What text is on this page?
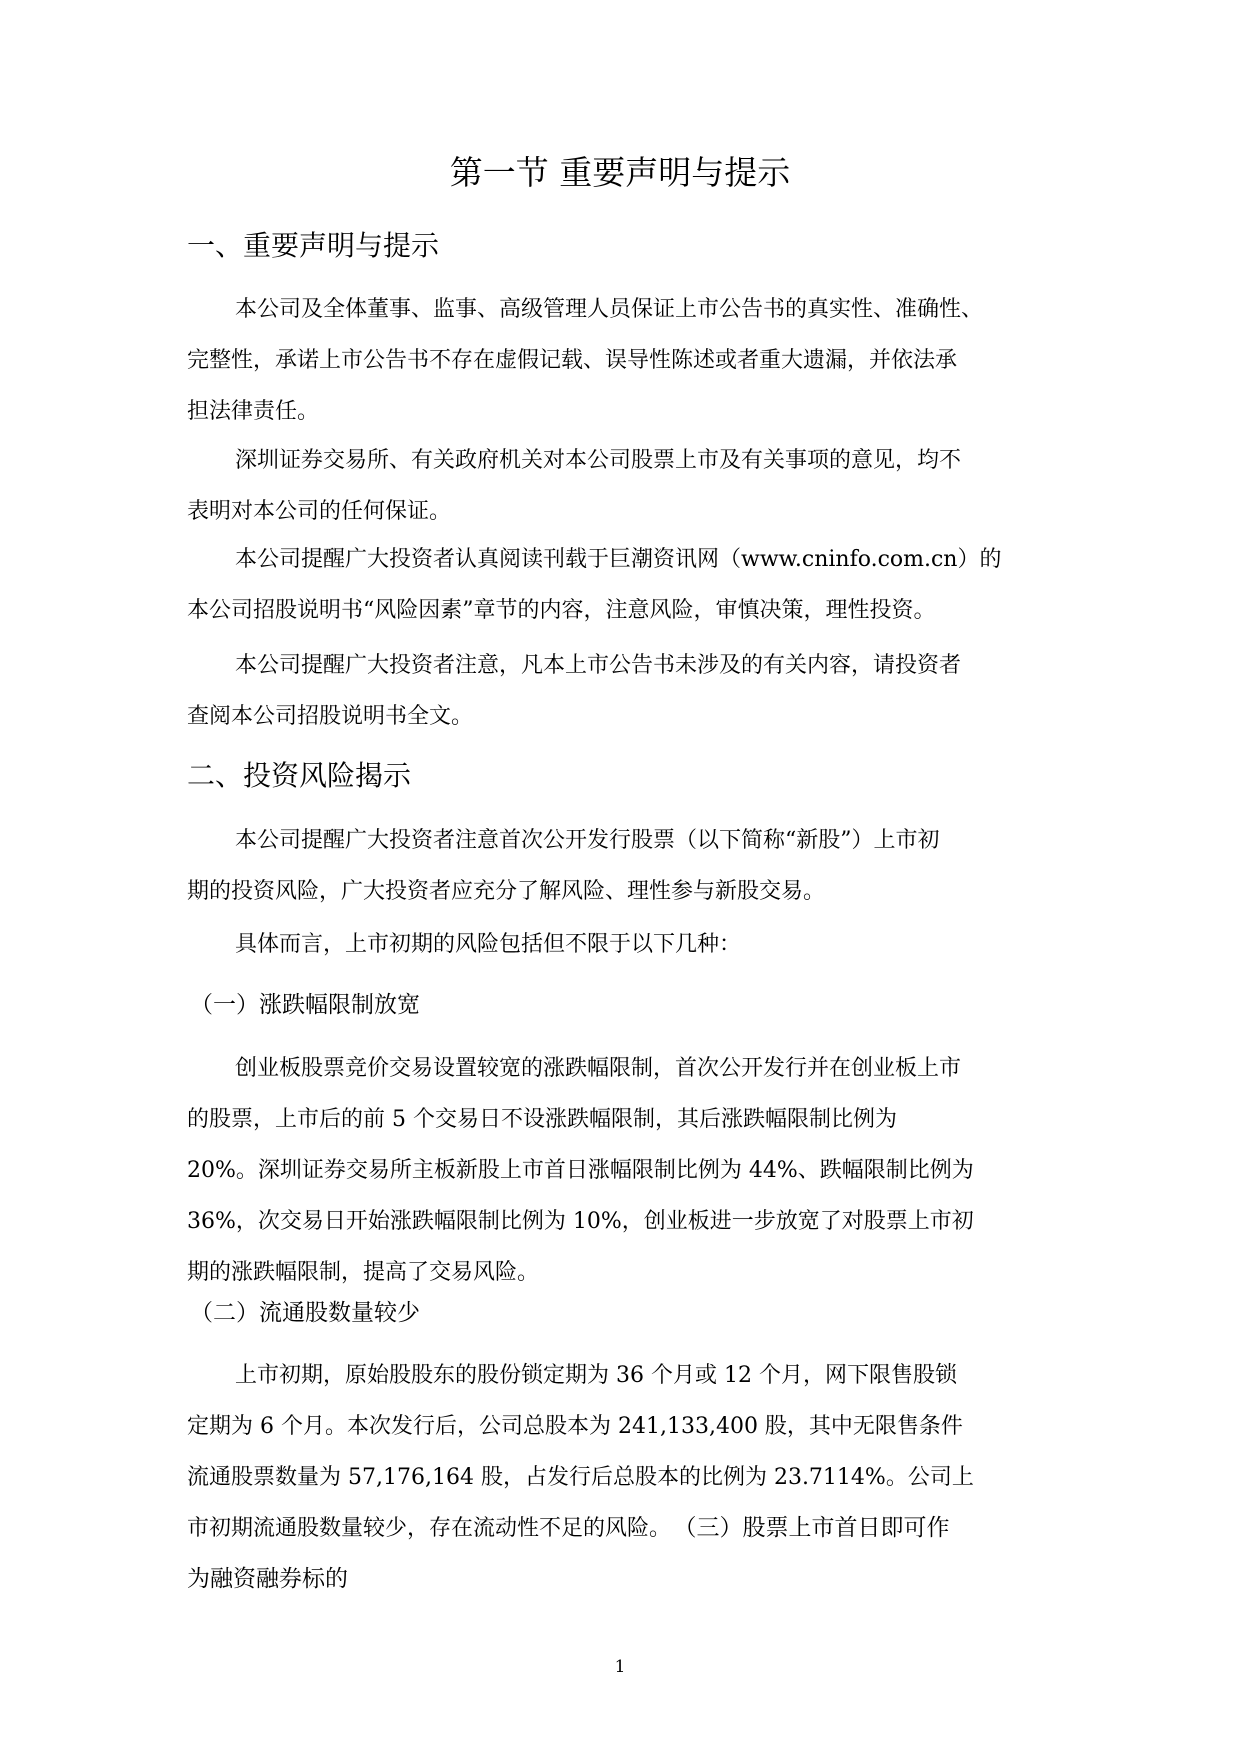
第一节 重要声明与提示
一、重要声明与提示
本公司及全体董事、监事、高级管理人员保证上市公告书的真实性、准确性、
完整性，承诺上市公告书不存在虚假记载、误导性陈述或者重大遗漏，并依法承
担法律责任。
深圳证券交易所、有关政府机关对本公司股票上市及有关事项的意见，均不
表明对本公司的任何保证。
本公司提醒广大投资者认真阅读刊载于巨潮资讯网（www.cninfo.com.cn）的
本公司招股说明书“风险因素”章节的内容，注意风险，审慎决策，理性投资。
本公司提醒广大投资者注意，凡本上市公告书未涉及的有关内容，请投资者
查阅本公司招股说明书全文。
二、投资风险揭示
本公司提醒广大投资者注意首次公开发行股票（以下简称“新股”）上市初
期的投资风险，广大投资者应充分了解风险、理性参与新股交易。
具体而言，上市初期的风险包括但不限于以下几种：
（一）涨跌幅限制放宽
创业板股票竞价交易设置较宽的涨跌幅限制，首次公开发行并在创业板上市
的股票，上市后的前 5 个交易日不设涨跌幅限制，其后涨跌幅限制比例为
20%。深圳证券交易所主板新股上市首日涨幅限制比例为 44%、跌幅限制比例为
36%，次交易日开始涨跌幅限制比例为 10%，创业板进一步放宽了对股票上市初
期的涨跌幅限制，提高了交易风险。
（二）流通股数量较少
上市初期，原始股股东的股份锁定期为 36 个月或 12 个月，网下限售股锁
定期为 6 个月。本次发行后，公司总股本为 241,133,400 股，其中无限售条件
流通股票数量为 57,176,164 股，占发行后总股本的比例为 23.7114%。公司上
市初期流通股数量较少，存在流动性不足的风险。 （三）股票上市首日即可作
为融资融券标的
1
